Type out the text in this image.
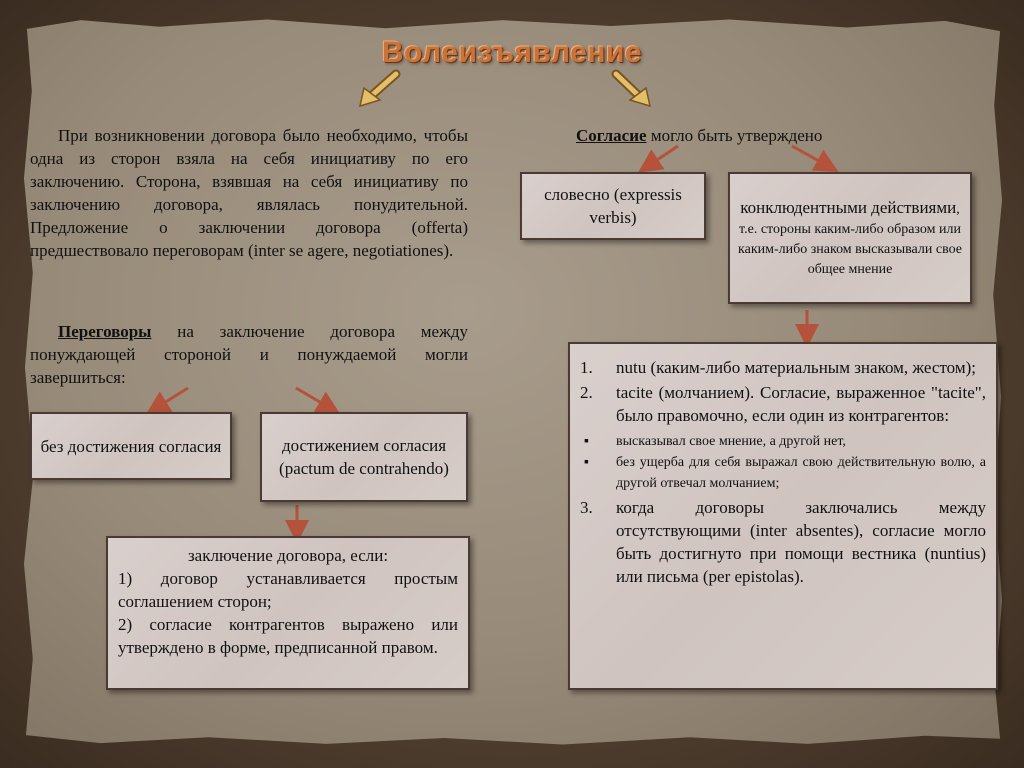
Волеизъявление

При возникновении договора было необходимо, чтобы одна из сторон взяла на себя инициативу по его заключению. Сторона, взявшая на себя инициативу по заключению договора, являлась понудительной. Предложение о заключении договора (offerta) предшествовало переговорам (inter se agere, negotiationes).

Переговоры на заключение договора между понуждающей стороной и понуждаемой могли завершиться:

без достижения согласия	достижением согласия (pactum de contrahendo)
заключение договора, если:
1) договор устанавливается простым соглашением сторон;
2) согласие контрагентов выражено или утверждено в форме, предписанной правом.

Согласие могло быть утверждено

словесно (expressis verbis)
конклюдентными действиями, т.е. стороны каким-либо образом или каким-либо знаком высказывали свое общее мнение
1.	nutu (каким-либо материальным знаком, жестом);
2.	tacite (молчанием). Согласие, выраженное "tacite", было правомочно, если один из контрагентов:
▪	высказывал свое мнение, а другой нет,
▪	без ущерба для себя выражал свою действительную волю, а другой отвечал молчанием;
3.	когда договоры заключались между отсутствующими (inter absentes), согласие могло быть достигнуто при помощи вестника (nuntius) или письма (per epistolas).
